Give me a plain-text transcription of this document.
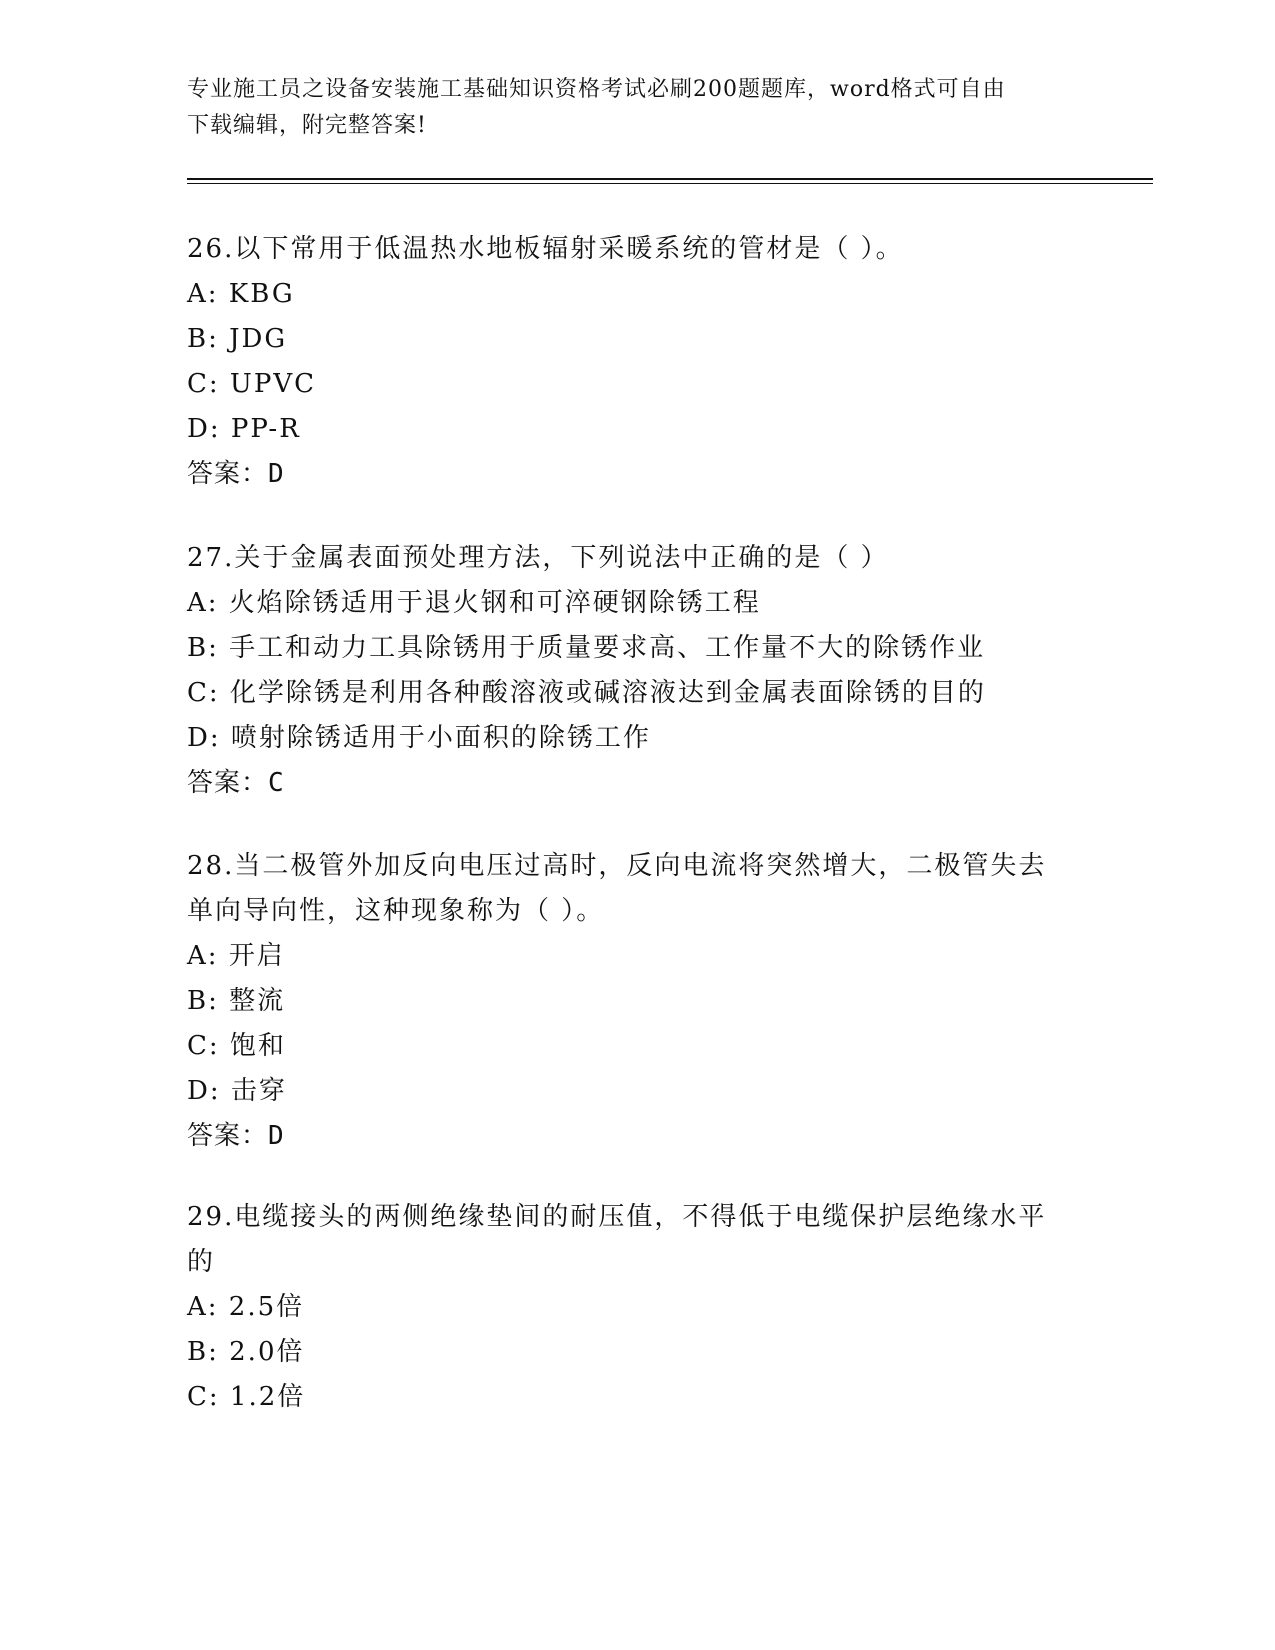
专业施工员之设备安装施工基础知识资格考试必刷200题题库，word格式可自由
下载编辑，附完整答案!
26.以下常用于低温热水地板辐射采暖系统的管材是（ ）。
A: KBG
B: JDG
C: UPVC
D: PP-R
答案：D
27.关于金属表面预处理方法，下列说法中正确的是（ ）
A: 火焰除锈适用于退火钢和可淬硬钢除锈工程
B: 手工和动力工具除锈用于质量要求高、工作量不大的除锈作业
C: 化学除锈是利用各种酸溶液或碱溶液达到金属表面除锈的目的
D: 喷射除锈适用于小面积的除锈工作
答案：C
28.当二极管外加反向电压过高时，反向电流将突然增大，二极管失去
单向导向性，这种现象称为（ ）。
A: 开启
B: 整流
C: 饱和
D: 击穿
答案：D
29.电缆接头的两侧绝缘垫间的耐压值，不得低于电缆保护层绝缘水平
的
A: 2.5倍
B: 2.0倍
C: 1.2倍
